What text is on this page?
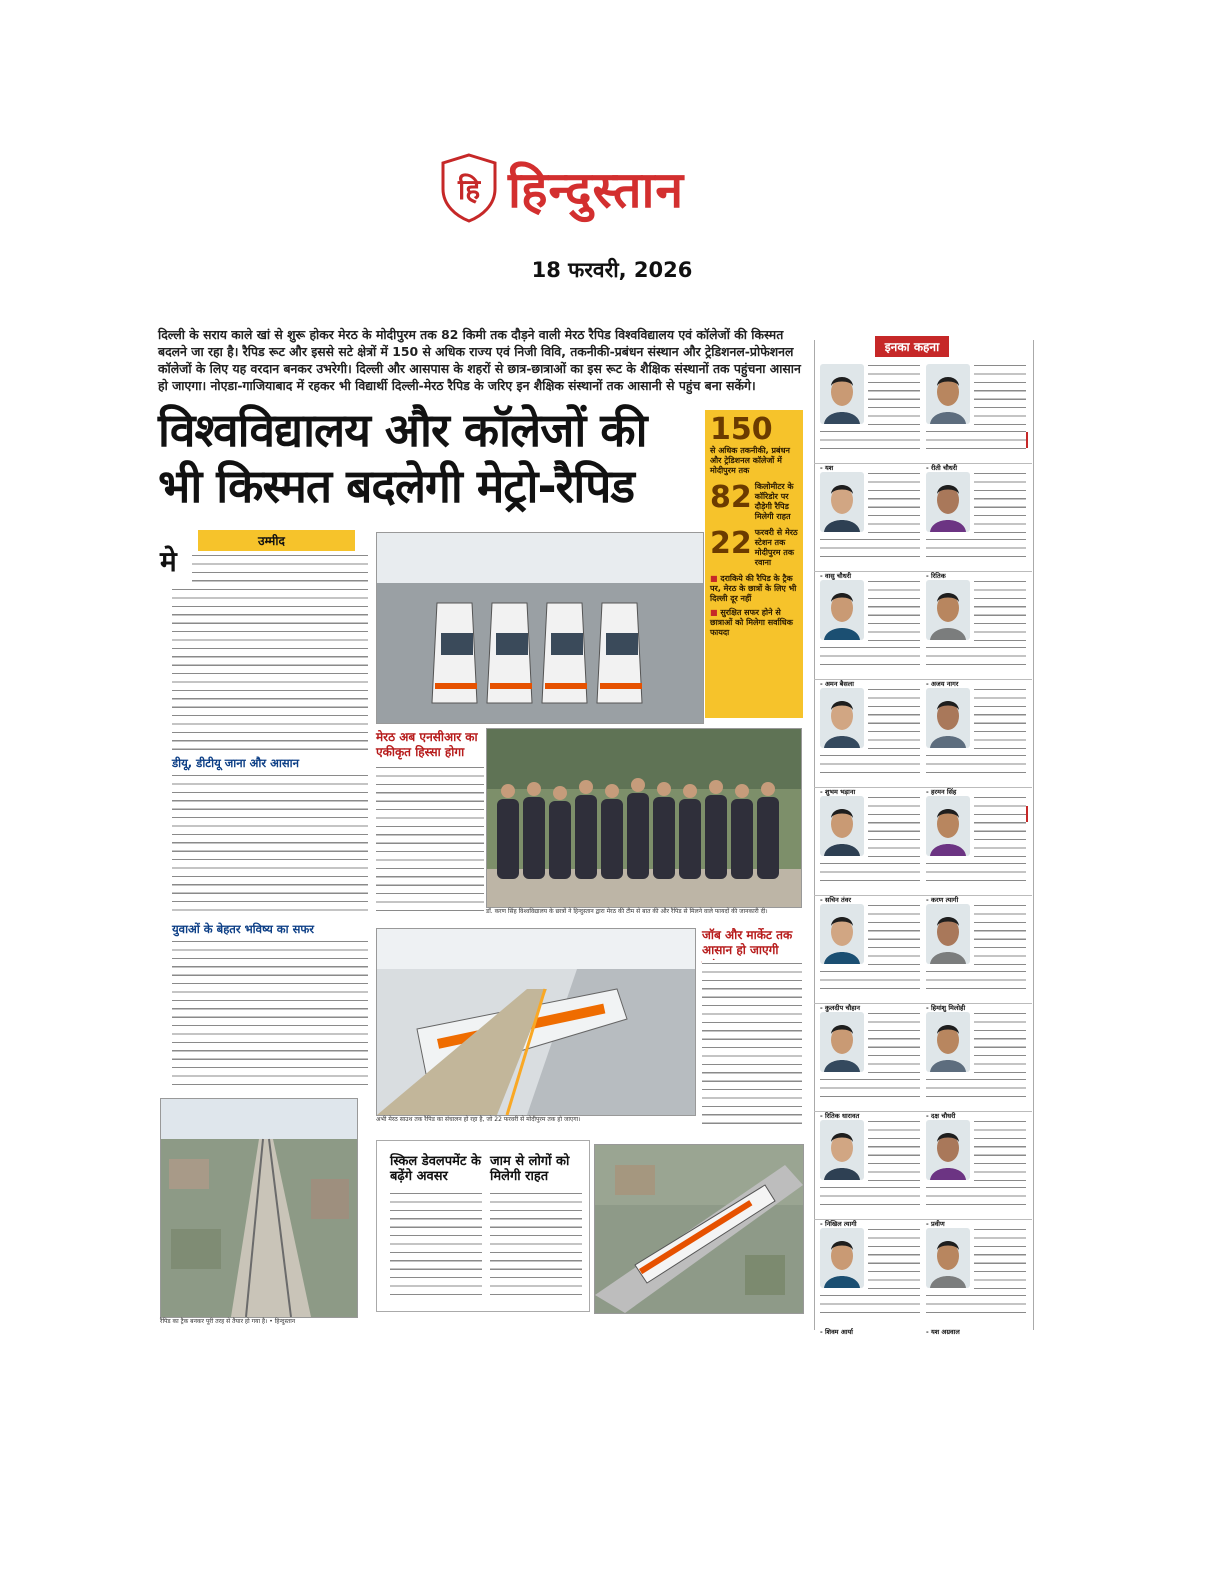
हि हिन्दुस्तान
18 फरवरी, 2026
दिल्ली के सराय काले खां से शुरू होकर मेरठ के मोदीपुरम तक 82 किमी तक दौड़ने वाली मेरठ रैपिड विश्वविद्यालय एवं कॉलेजों की किस्मत बदलने जा रहा है। रैपिड रूट और इससे सटे क्षेत्रों में 150 से अधिक राज्य एवं निजी विवि, तकनीकी-प्रबंधन संस्थान और ट्रेडिशनल-प्रोफेशनल कॉलेजों के लिए यह वरदान बनकर उभरेगी। दिल्ली और आसपास के शहरों से छात्र-छात्राओं का इस रूट के शैक्षिक संस्थानों तक पहुंचना आसान हो जाएगा। नोएडा-गाजियाबाद में रहकर भी विद्यार्थी दिल्ली-मेरठ रैपिड के जरिए इन शैक्षिक संस्थानों तक आसानी से पहुंच बना सकेंगे।
विश्वविद्यालय और कॉलेजों की
भी किस्मत बदलेगी मेट्रो-रैपिड
150
से अधिक तकनीकी, प्रबंधन और ट्रेडिशनल कॉलेजों में मोदीपुरम तक
82 किलोमीटर के कॉरिडोर पर दौड़ेगी रैपिड मिलेगी राहत
22 फरवरी से मेरठ स्टेशन तक मोदीपुरम तक रवाना
■ दराकिये की रैपिड के ट्रैक पर, मेरठ के छात्रों के लिए भी दिल्ली दूर नहीं
■ सुरक्षित सफर होने से छात्राओं को मिलेगा सर्वाधिक फायदा
उम्मीद
मे
डीयू, डीटीयू जाना और आसान
युवाओं के बेहतर भविष्य का सफर
रैपिड का ट्रैक बनकर पूरी तरह से तैयार हो गया है। • हिन्दुस्तान
मेरठ अब एनसीआर का एकीकृत हिस्सा होगा
डॉ. करण सिंह विश्वविद्यालय के छात्रों ने हिन्दुस्तान द्वारा मेरठ की टीम से बात की और रैपिड से मिलने वाले फायदों की जानकारी दी।
अभी मेरठ साउथ तक रैपिड का संचालन हो रहा है, जो 22 फरवरी से मोदीपुरम तक हो जाएगा।
जॉब और मार्केट तक आसान हो जाएगी
स्किल डेवलपमेंट के बढ़ेंगे अवसर
जाम से लोगों को मिलेगी राहत
इनका कहना
- यश	- रीती चौधरी
- वासु चौधरी	- रितिक
- अमन बैसला	- अजय नागर
- शुभम भड़ाना	- हरमन सिंह
- सचिन तंवर	- करण त्यागी
- कुलदीप चौहान	- हिमांशु मिलोही
- रितिक धारावत	- दक्ष चौधरी
- निखिल त्यागी	- प्रवीण
- शिवम आर्या	- यश अग्रवाल
